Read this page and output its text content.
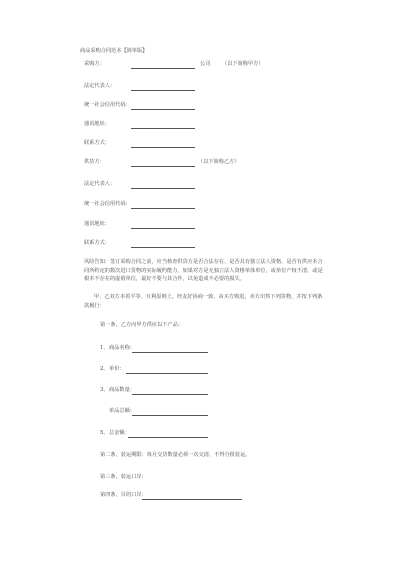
商品采购合同范本【简单版】
采购方：	公司 （以下简称甲方）
法定代表人：
统一社会信用代码：
通讯地址：
联系方式：
供货方：	（以下简称乙方）
法定代表人：
统一社会信用代码：
通讯地址：
联系方式：
风险告知：签订采购合同之前，应当核查供货方是否合法存在，是否具有独立法人资格，是否有供应本合同所约定的数次进口货物的实际履约能力，如果对方是无独立法人资格单体单位，或单位产权不清，或是根本不存在的虚假单位，最好不要与其合作，以免造成不必要的损失。
甲、乙双方本着平等、互利原则上，经友好协商一致，由买方购进，卖方出售下列货物，并按下列条款履行：
第一条、乙方向甲方供应以下产品：
1、 商品名称：
2、 单价：
3、 商品数量：
单品总额：
5、 总金额：
第二条、装运期限：每月交货数量必须一次交清，不得分批装运。
第三条、装运口岸：
第四条、目的口岸：
